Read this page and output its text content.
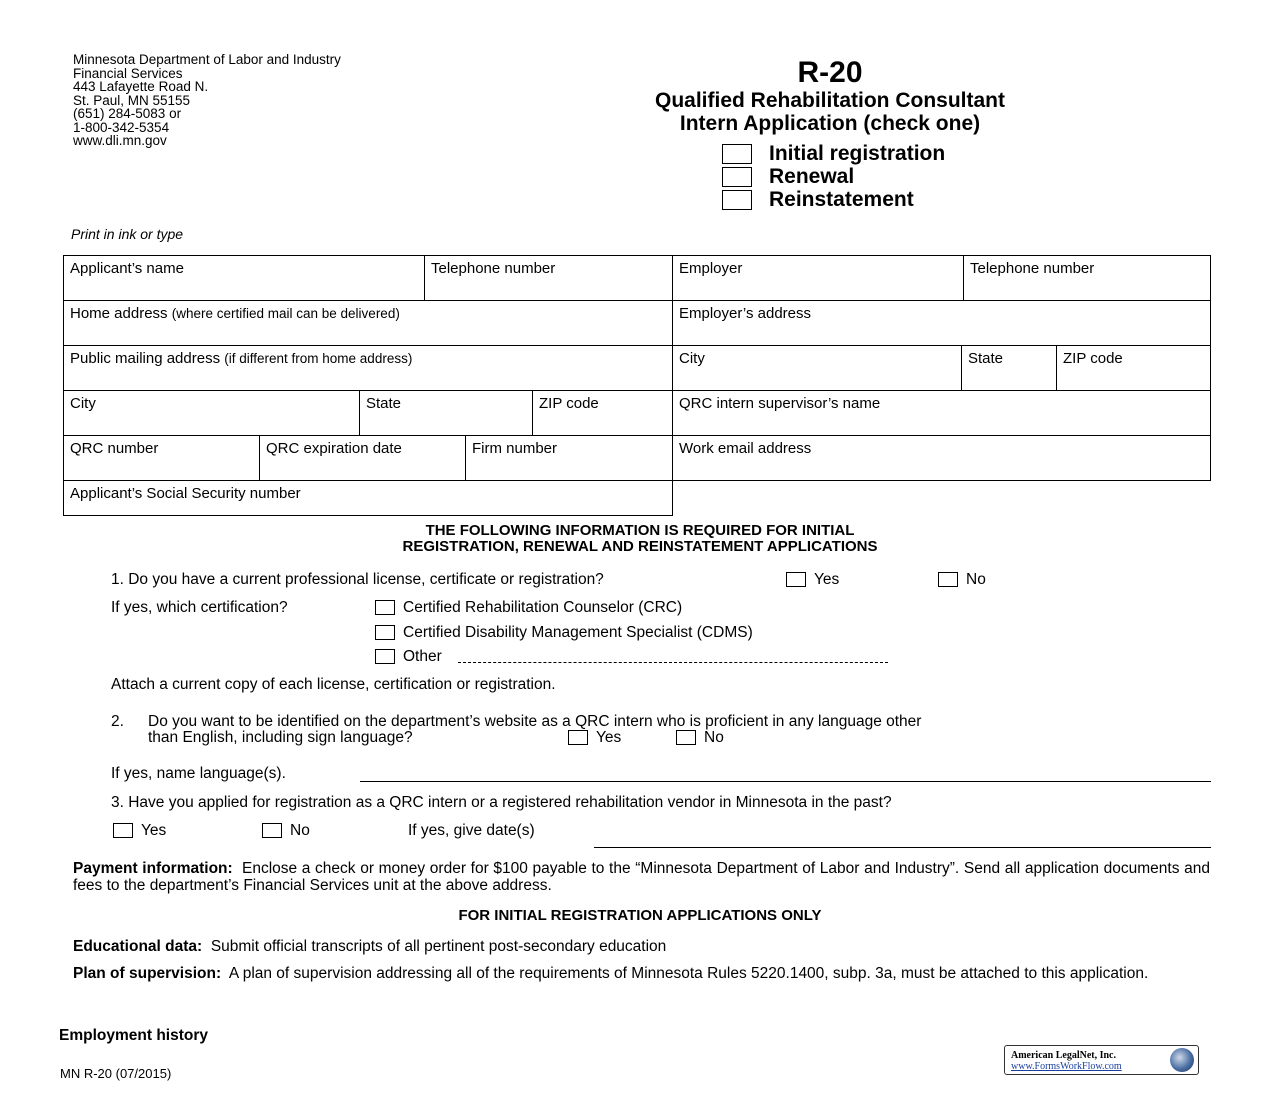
Minnesota Department of Labor and Industry
Financial Services
443 Lafayette Road N.
St. Paul, MN 55155
(651) 284-5083 or
1-800-342-5354
www.dli.mn.gov
R-20
Qualified Rehabilitation Consultant
Intern Application (check one)
Initial registration
Renewal
Reinstatement
Print in ink or type
Applicant’s name	Telephone number	Employer	Telephone number
Home address (where certified mail can be delivered)	Employer’s address
Public mailing address (if different from home address)	City	State	ZIP code
City	State	ZIP code	QRC intern supervisor’s name
QRC number	QRC expiration date	Firm number	Work email address
Applicant’s Social Security number
THE FOLLOWING INFORMATION IS REQUIRED FOR INITIAL
REGISTRATION, RENEWAL AND REINSTATEMENT APPLICATIONS
1. Do you have a current professional license, certificate or registration?	Yes	No
If yes, which certification?	Certified Rehabilitation Counselor (CRC)
Certified Disability Management Specialist (CDMS)
Other
Attach a current copy of each license, certification or registration.
2. Do you want to be identified on the department’s website as a QRC intern who is proficient in any language other
than English, including sign language?	Yes	No
If yes, name language(s).
3. Have you applied for registration as a QRC intern or a registered rehabilitation vendor in Minnesota in the past?
Yes	No	If yes, give date(s)
Payment information: Enclose a check or money order for $100 payable to the “Minnesota Department of Labor and Industry”. Send all application documents and fees to the department’s Financial Services unit at the above address.
FOR INITIAL REGISTRATION APPLICATIONS ONLY
Educational data: Submit official transcripts of all pertinent post-secondary education
Plan of supervision: A plan of supervision addressing all of the requirements of Minnesota Rules 5220.1400, subp. 3a, must be attached to this application.
Employment history
MN R-20 (07/2015)
American LegalNet, Inc.
www.FormsWorkFlow.com
